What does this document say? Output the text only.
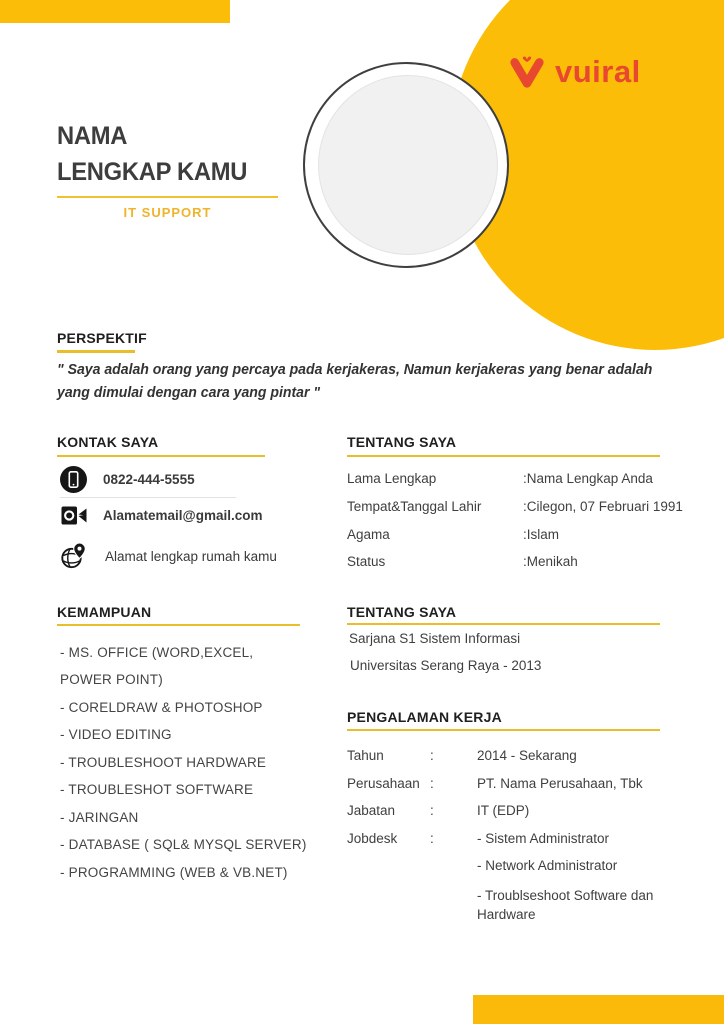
vuiral
NAMA
LENGKAP KAMU
IT SUPPORT
PERSPEKTIF
" Saya adalah orang yang percaya pada kerjakeras, Namun kerjakeras yang benar adalah
yang dimulai dengan cara yang pintar "
KONTAK SAYA
0822-444-5555
Alamatemail@gmail.com
Alamat lengkap rumah kamu
TENTANG SAYA
Lama Lengkap	:Nama Lengkap Anda
Tempat&Tanggal Lahir	:Cilegon, 07 Februari 1991
Agama	:Islam
Status	:Menikah
KEMAMPUAN
- MS. OFFICE (WORD,EXCEL,
POWER POINT)
- CORELDRAW & PHOTOSHOP
- VIDEO EDITING
- TROUBLESHOOT HARDWARE
- TROUBLESHOT SOFTWARE
- JARINGAN
- DATABASE ( SQL& MYSQL SERVER)
- PROGRAMMING (WEB & VB.NET)
TENTANG SAYA
Sarjana S1 Sistem Informasi
Universitas Serang Raya - 2013
PENGALAMAN KERJA
Tahun	:	2014 - Sekarang
Perusahaan :	PT. Nama Perusahaan, Tbk
Jabatan	:	IT (EDP)
Jobdesk :	- Sistem Administrator
- Network Administrator
- Troublseshoot Software dan Hardware
